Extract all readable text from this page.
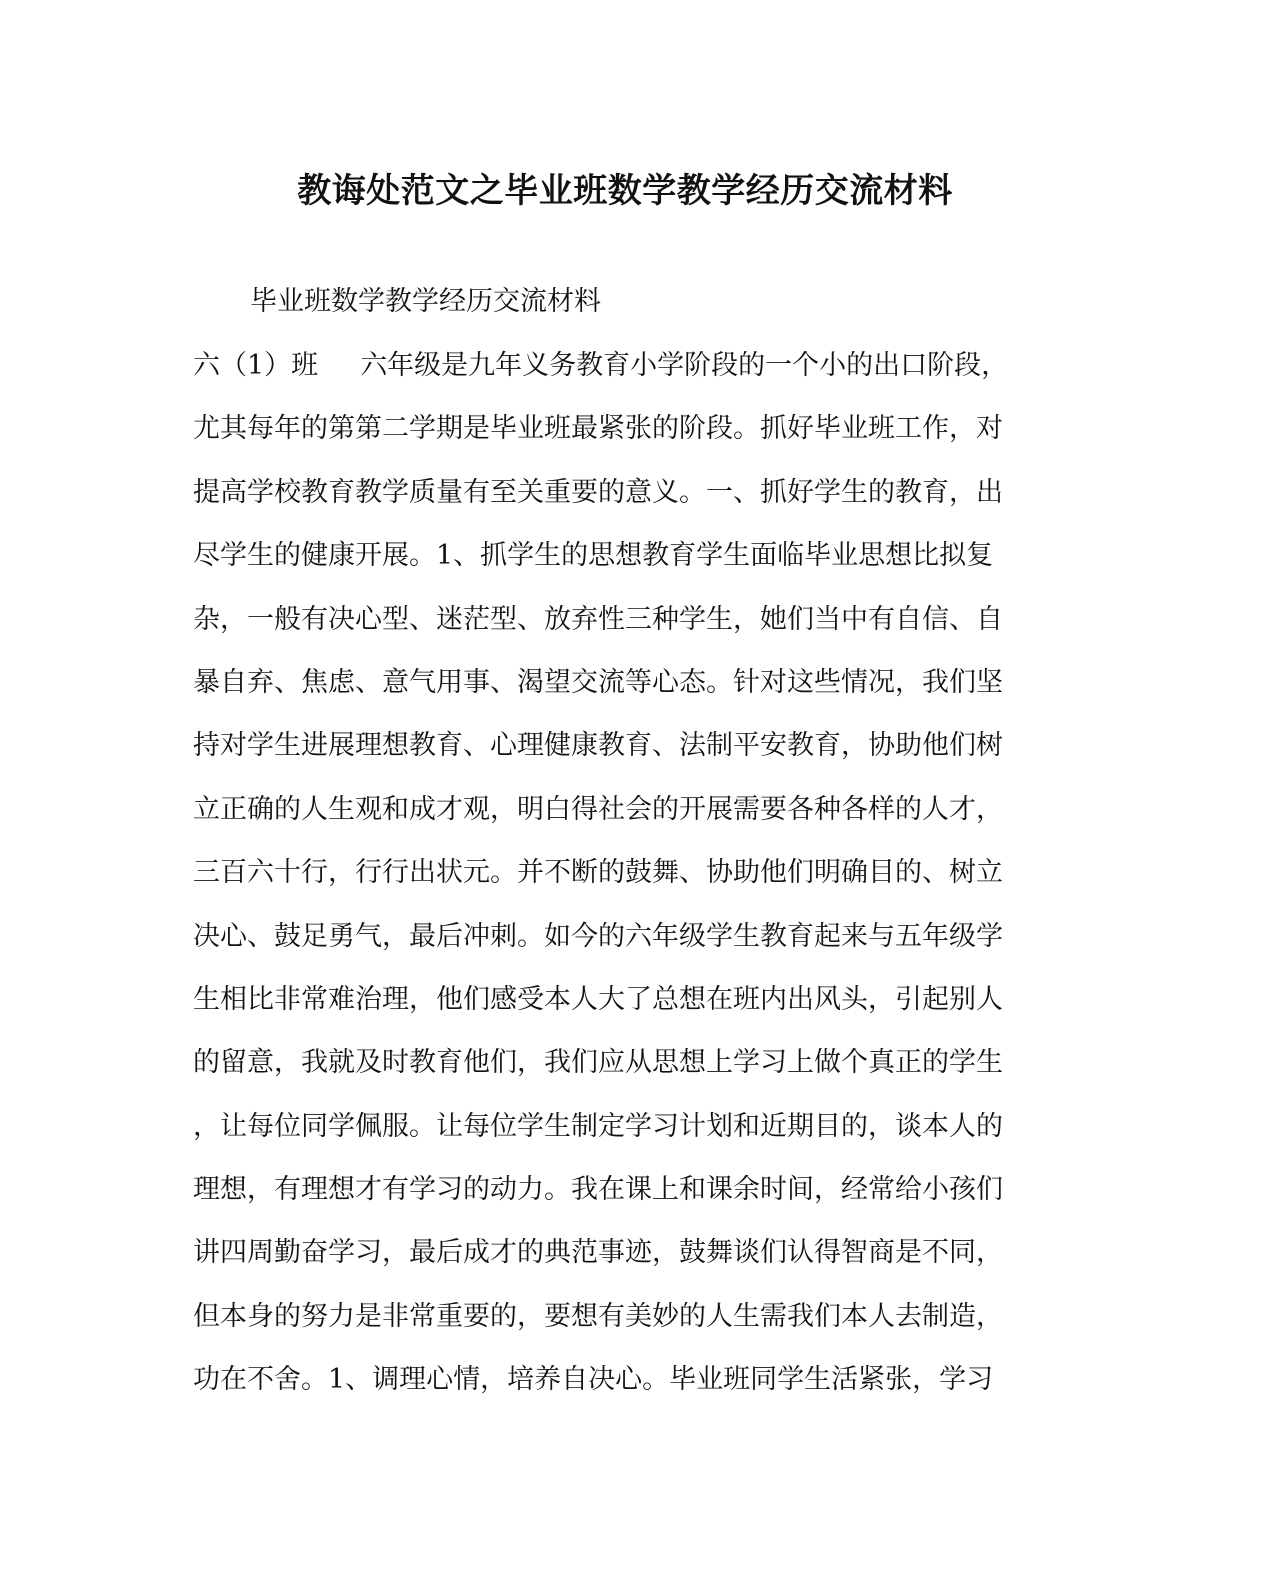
教诲处范文之毕业班数学教学经历交流材料
毕业班数学教学经历交流材料
六（1）班 六年级是九年义务教育小学阶段的一个小的出口阶段，
尤其每年的第第二学期是毕业班最紧张的阶段。抓好毕业班工作，对
提高学校教育教学质量有至关重要的意义。一、抓好学生的教育，出
尽学生的健康开展。1、抓学生的思想教育学生面临毕业思想比拟复
杂，一般有决心型、迷茫型、放弃性三种学生，她们当中有自信、自
暴自弃、焦虑、意气用事、渴望交流等心态。针对这些情况，我们坚
持对学生进展理想教育、心理健康教育、法制平安教育，协助他们树
立正确的人生观和成才观，明白得社会的开展需要各种各样的人才，
三百六十行，行行出状元。并不断的鼓舞、协助他们明确目的、树立
决心、鼓足勇气，最后冲刺。如今的六年级学生教育起来与五年级学
生相比非常难治理，他们感受本人大了总想在班内出风头，引起别人
的留意，我就及时教育他们，我们应从思想上学习上做个真正的学生
，让每位同学佩服。让每位学生制定学习计划和近期目的，谈本人的
理想，有理想才有学习的动力。我在课上和课余时间，经常给小孩们
讲四周勤奋学习，最后成才的典范事迹，鼓舞谈们认得智商是不同，
但本身的努力是非常重要的，要想有美妙的人生需我们本人去制造，
功在不舍。1、调理心情，培养自决心。毕业班同学生活紧张，学习
